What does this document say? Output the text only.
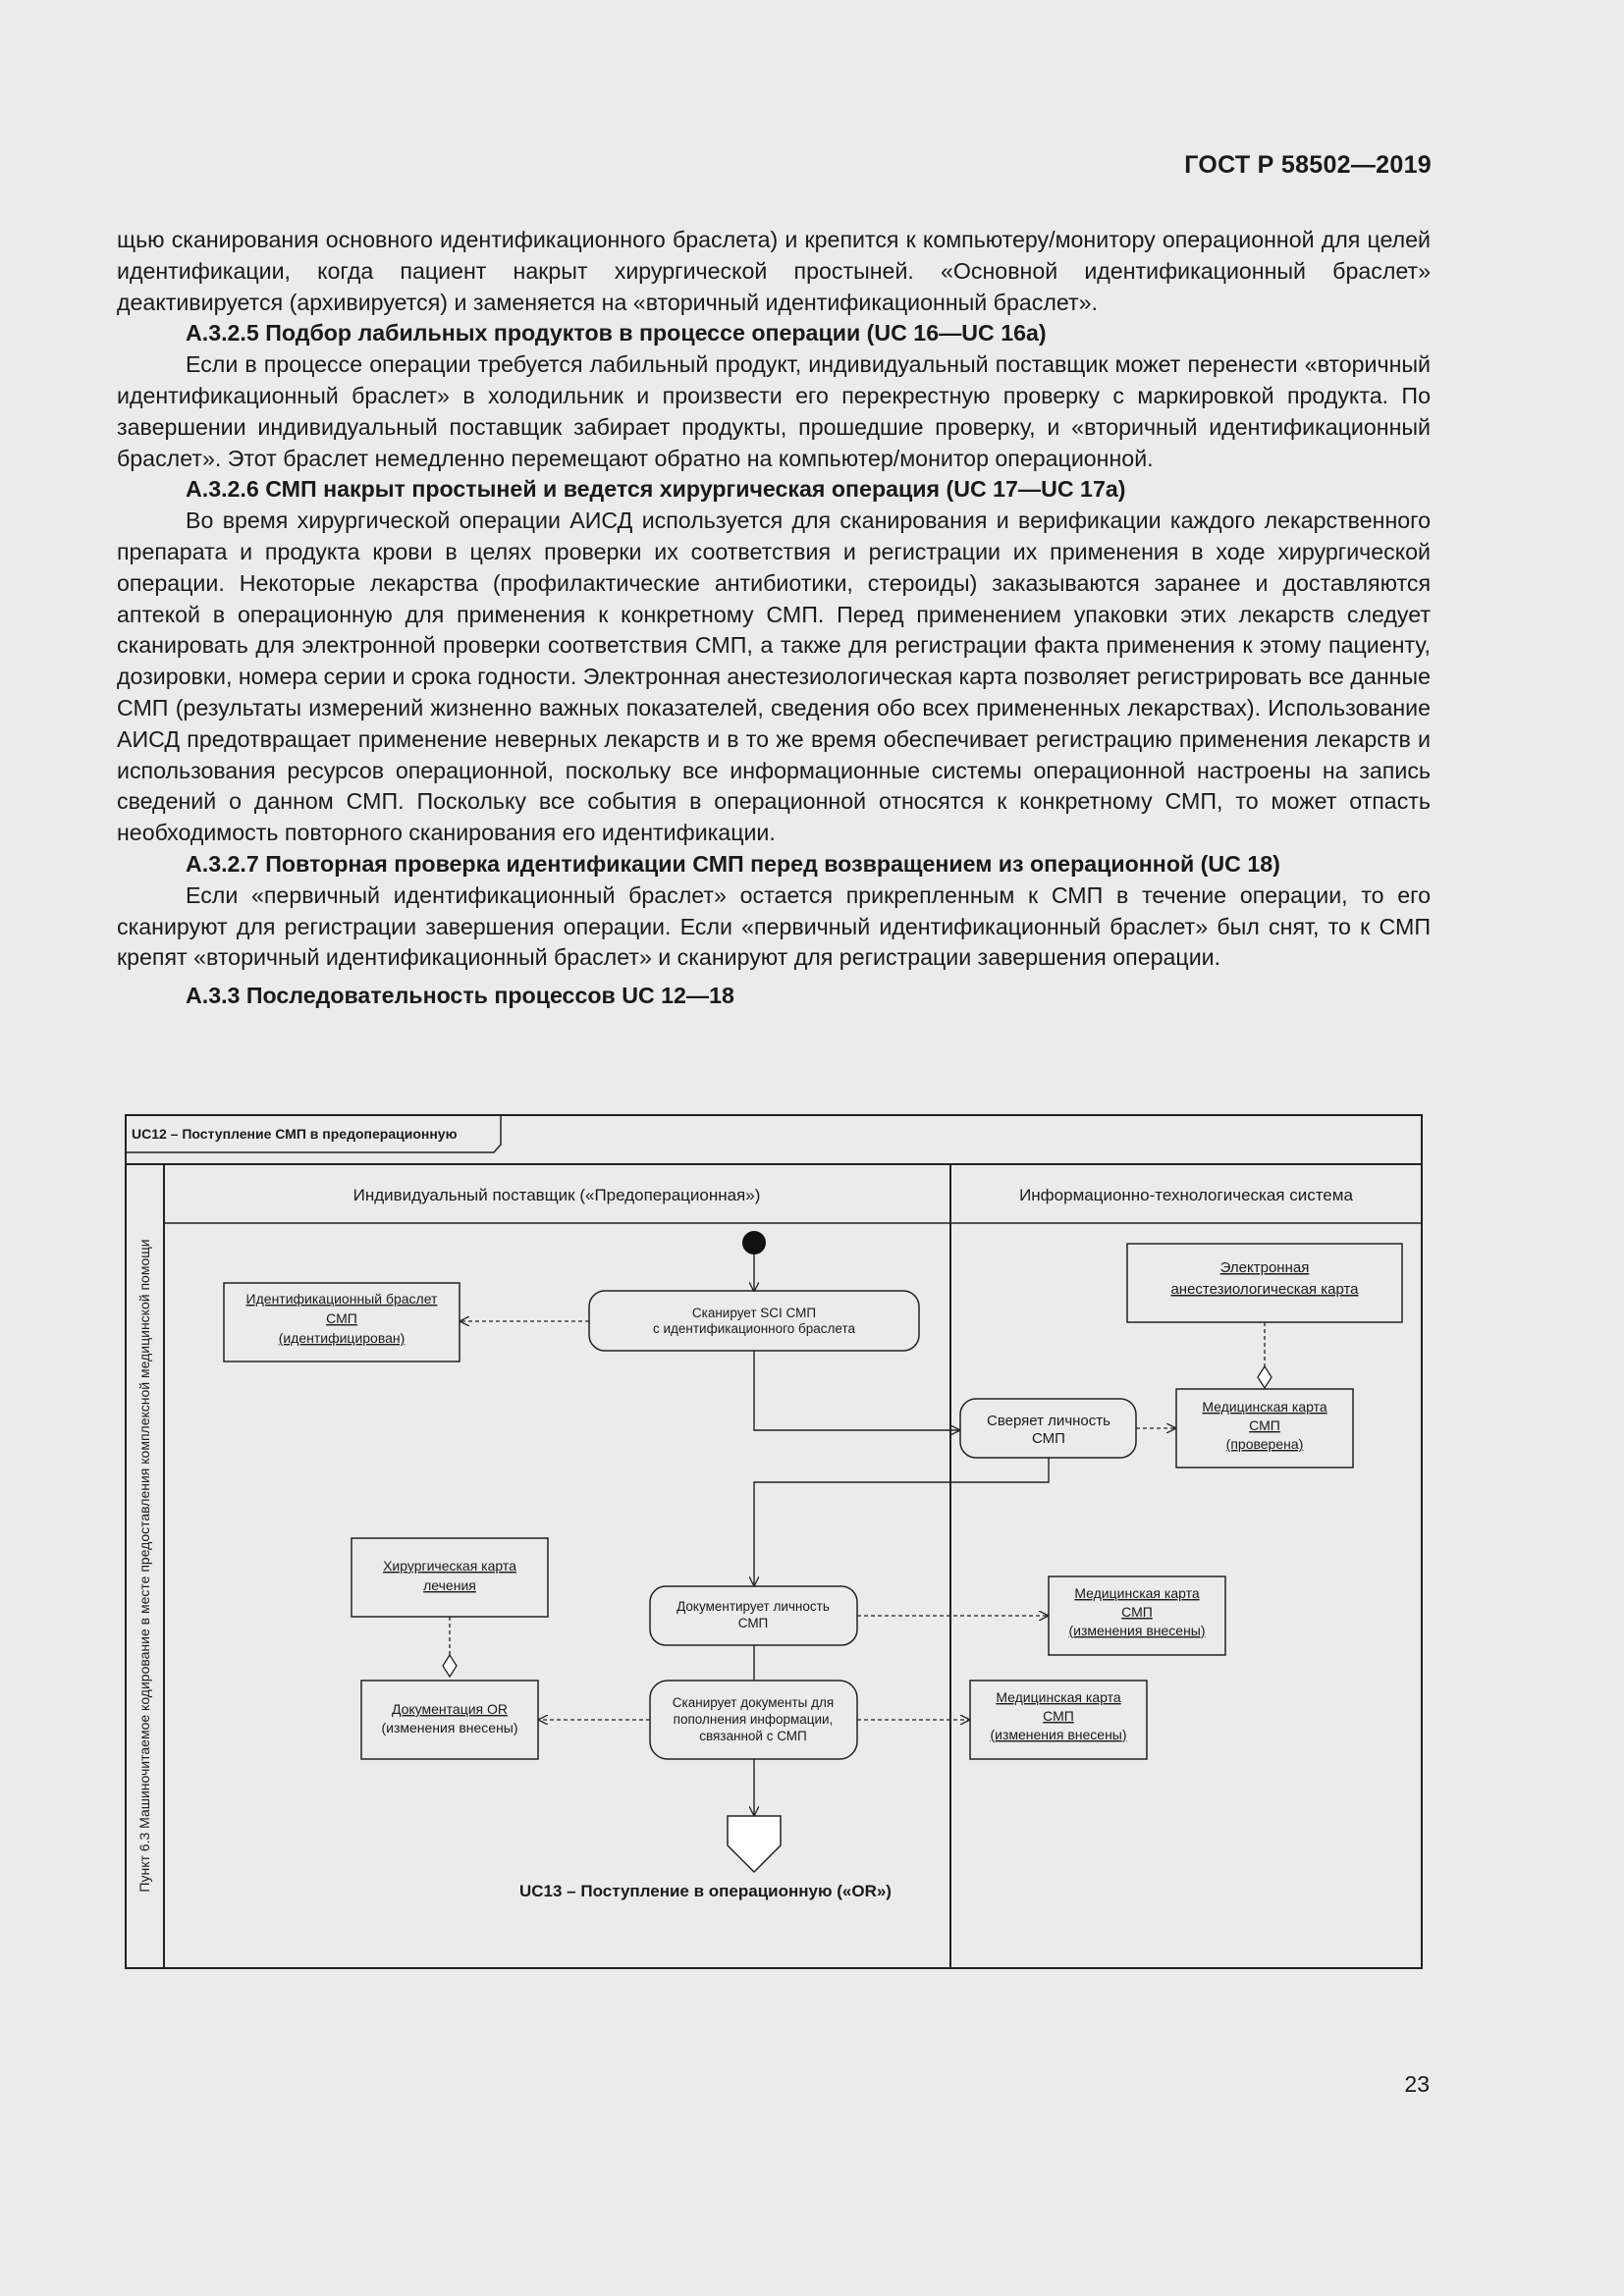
ГОСТ Р 58502—2019

щью сканирования основного идентификационного браслета) и крепится к компьютеру/монитору операционной для целей идентификации, когда пациент накрыт хирургической простыней. «Основной идентификационный браслет» деактивируется (архивируется) и заменяется на «вторичный идентификационный браслет».

А.3.2.5 Подбор лабильных продуктов в процессе операции (UC 16—UC 16a)

Если в процессе операции требуется лабильный продукт, индивидуальный поставщик может перенести «вторичный идентификационный браслет» в холодильник и произвести его перекрестную проверку с маркировкой продукта. По завершении индивидуальный поставщик забирает продукты, прошедшие проверку, и «вторичный идентификационный браслет». Этот браслет немедленно перемещают обратно на компьютер/монитор операционной.

А.3.2.6 СМП накрыт простыней и ведется хирургическая операция (UC 17—UC 17a)

Во время хирургической операции АИСД используется для сканирования и верификации каждого лекарственного препарата и продукта крови в целях проверки их соответствия и регистрации их применения в ходе хирургической операции. Некоторые лекарства (профилактические антибиотики, стероиды) заказываются заранее и доставляются аптекой в операционную для применения к конкретному СМП. Перед применением упаковки этих лекарств следует сканировать для электронной проверки соответствия СМП, а также для регистрации факта применения к этому пациенту, дозировки, номера серии и срока годности. Электронная анестезиологическая карта позволяет регистрировать все данные СМП (результаты измерений жизненно важных показателей, сведения обо всех примененных лекарствах). Использование АИСД предотвращает применение неверных лекарств и в то же время обеспечивает регистрацию применения лекарств и использования ресурсов операционной, поскольку все информационные системы операционной настроены на запись сведений о данном СМП. Поскольку все события в операционной относятся к конкретному СМП, то может отпасть необходимость повторного сканирования его идентификации.

А.3.2.7 Повторная проверка идентификации СМП перед возвращением из операционной (UC 18)

Если «первичный идентификационный браслет» остается прикрепленным к СМП в течение операции, то его сканируют для регистрации завершения операции. Если «первичный идентификационный браслет» был снят, то к СМП крепят «вторичный идентификационный браслет» и сканируют для регистрации завершения операции.

А.3.3 Последовательность процессов UC 12—18

UC12 – Поступление СМП в предоперационную
Пункт 6.3 Машиночитаемое кодирование в месте предоставления комплексной медицинской помощи
Индивидуальный поставщик («Предоперационная»)	Информационно-технологическая система
Сканирует SCI СМП
с идентификационного браслета
Идентификационный браслет
СМП
(идентифицирован)
Электронная
анестезиологическая карта
Сверяет личность
СМП
Медицинская карта
СМП
(проверена)
Хирургическая карта
лечения
Документирует личность
СМП
Медицинская карта
СМП
(изменения внесены)
Документация OR
(изменения внесены)
Сканирует документы для
пополнения информации,
связанной с СМП
Медицинская карта
СМП
(изменения внесены)
UC13 – Поступление в операционную («OR»)
23
